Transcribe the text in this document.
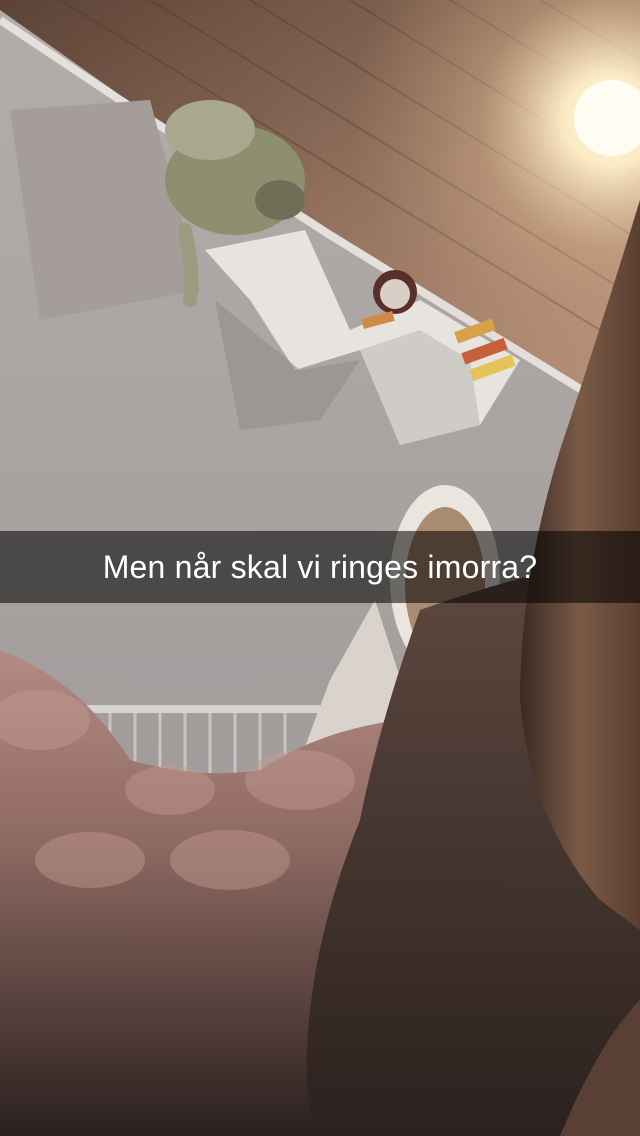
Men når skal vi ringes imorra?
